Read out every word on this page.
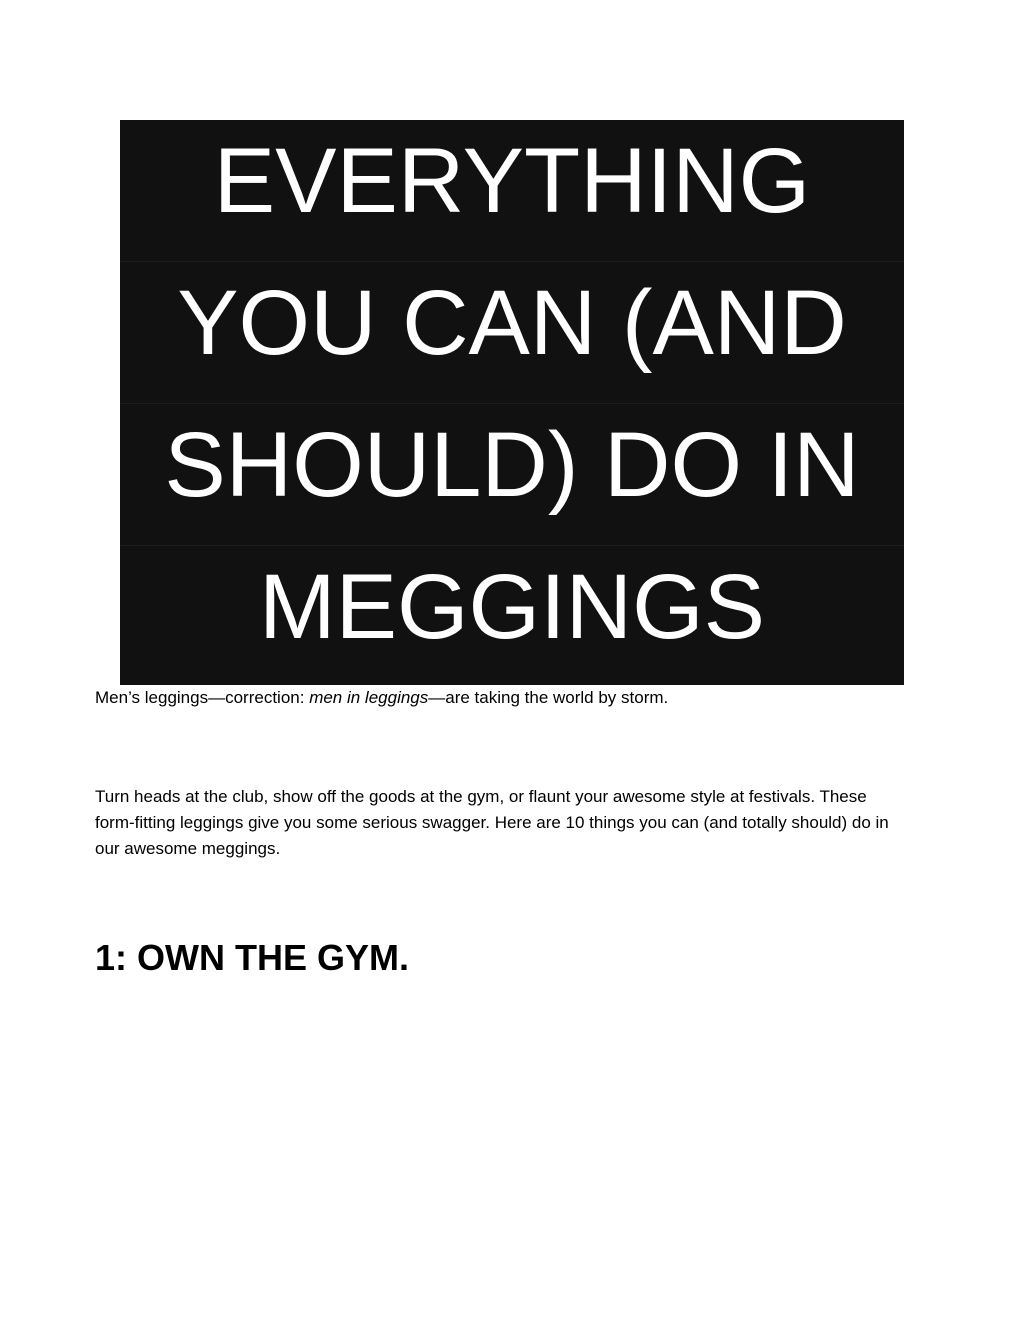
EVERYTHING
YOU CAN (AND
SHOULD) DO IN
MEGGINGS

Men’s leggings—correction: men in leggings—are taking the world by storm.

Turn heads at the club, show off the goods at the gym, or flaunt your awesome style at festivals. These form-fitting leggings give you some serious swagger. Here are 10 things you can (and totally should) do in our awesome meggings.

1: OWN THE GYM.
